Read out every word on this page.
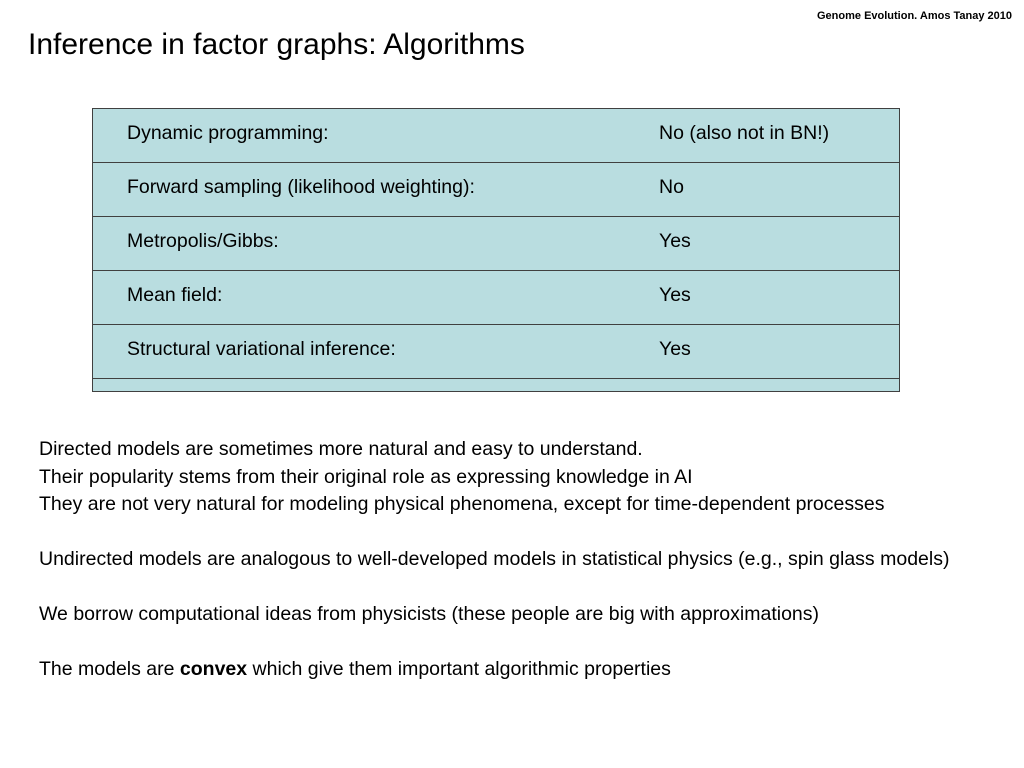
Genome Evolution. Amos Tanay 2010
Inference in factor graphs: Algorithms
Dynamic programming:	No (also not in BN!)
Forward sampling (likelihood weighting):	No
Metropolis/Gibbs:	Yes
Mean field:	Yes
Structural variational inference:	Yes

Directed models are sometimes more natural and easy to understand.

Their popularity stems from their original role as expressing knowledge in AI

They are not very natural for modeling physical phenomena, except for time-dependent processes

Undirected models are analogous to well-developed models in statistical physics (e.g., spin glass models)

We borrow computational ideas from physicists (these people are big with approximations)

The models are convex which give them important algorithmic properties
